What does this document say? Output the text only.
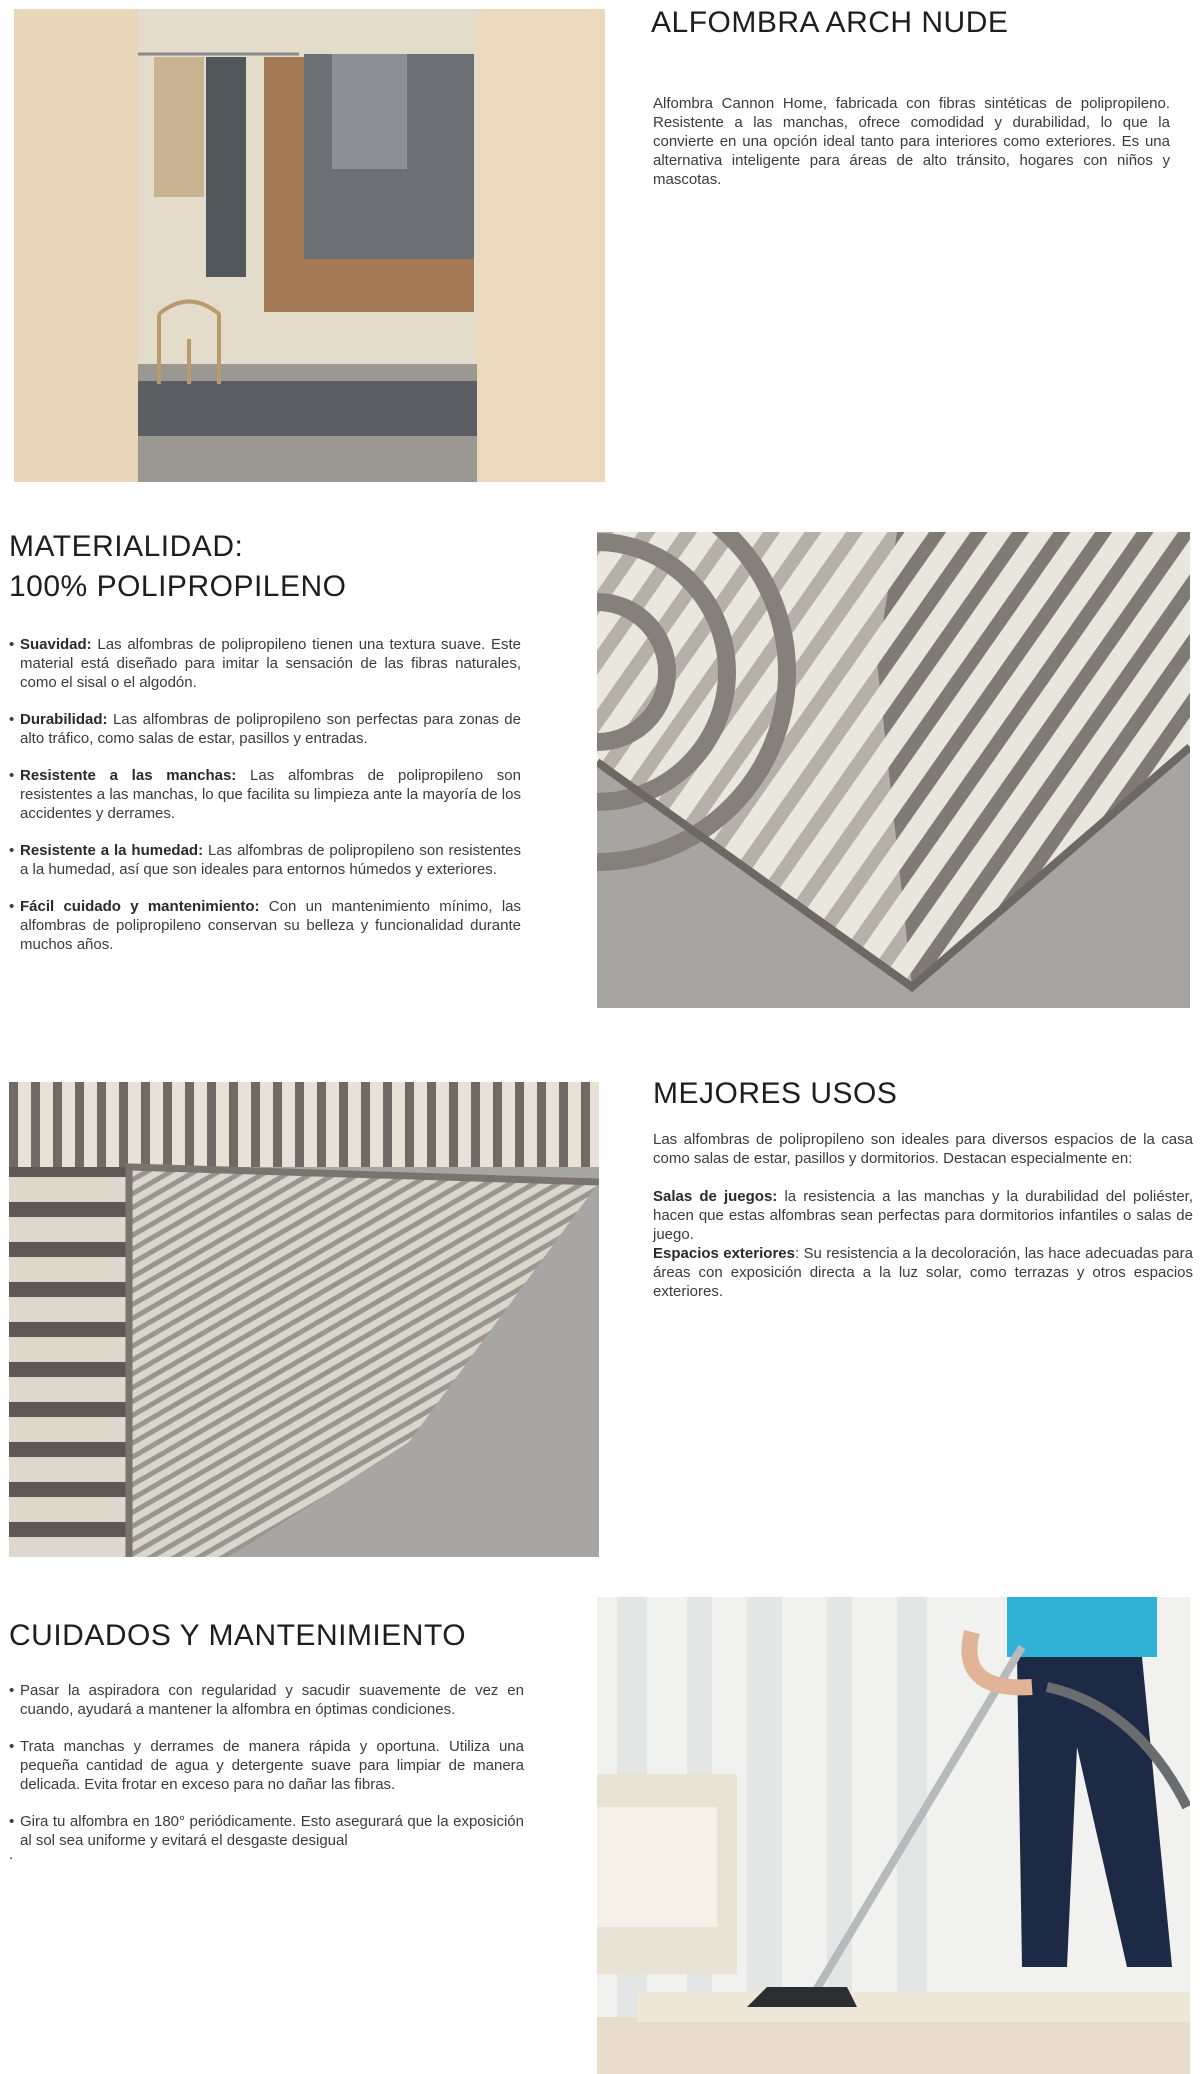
ALFOMBRA ARCH NUDE

Alfombra Cannon Home, fabricada con fibras sintéticas de polipropileno. Resistente a las manchas, ofrece comodidad y durabilidad, lo que la convierte en una opción ideal tanto para interiores como exteriores. Es una alternativa inteligente para áreas de alto tránsito, hogares con niños y mascotas.

MATERIALIDAD:
100% POLIPROPILENO
• Suavidad: Las alfombras de polipropileno tienen una textura suave. Este material está diseñado para imitar la sensación de las fibras naturales, como el sisal o el algodón.
• Durabilidad: Las alfombras de polipropileno son perfectas para zonas de alto tráfico, como salas de estar, pasillos y entradas.
• Resistente a las manchas: Las alfombras de polipropileno son resistentes a las manchas, lo que facilita su limpieza ante la mayoría de los accidentes y derrames.
• Resistente a la humedad: Las alfombras de polipropileno son resistentes a la humedad, así que son ideales para entornos húmedos y exteriores.
• Fácil cuidado y mantenimiento: Con un mantenimiento mínimo, las alfombras de polipropileno conservan su belleza y funcionalidad durante muchos años.
MEJORES USOS

Las alfombras de polipropileno son ideales para diversos espacios de la casa como salas de estar, pasillos y dormitorios. Destacan especialmente en:

Salas de juegos: la resistencia a las manchas y la durabilidad del poliéster, hacen que estas alfombras sean perfectas para dormitorios infantiles o salas de juego.

Espacios exteriores: Su resistencia a la decoloración, las hace adecuadas para áreas con exposición directa a la luz solar, como terrazas y otros espacios exteriores.

CUIDADOS Y MANTENIMIENTO
• Pasar la aspiradora con regularidad y sacudir suavemente de vez en cuando, ayudará a mantener la alfombra en óptimas condiciones.
• Trata manchas y derrames de manera rápida y oportuna. Utiliza una pequeña cantidad de agua y detergente suave para limpiar de manera delicada. Evita frotar en exceso para no dañar las fibras.
• Gira tu alfombra en 180° periódicamente. Esto asegurará que la exposición al sol sea uniforme y evitará el desgaste desigual
.
